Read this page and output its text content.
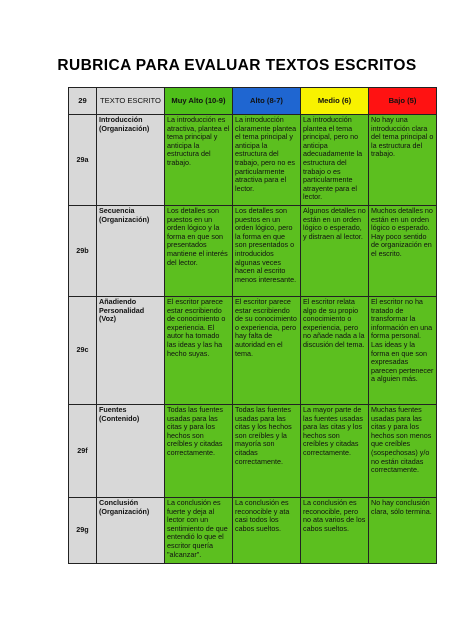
RUBRICA PARA EVALUAR TEXTOS ESCRITOS
29	TEXTO ESCRITO	Muy Alto (10-9)	Alto (8-7)	Medio (6)	Bajo (5)
29a	Introducción (Organización)	La introducción es atractiva, plantea el tema principal y anticipa la estructura del trabajo.	La introducción claramente plantea el tema principal y anticipa la estructura del trabajo, pero no es particularmente atractiva para el lector.	La introducción plantea el tema principal, pero no anticipa adecuadamente la estructura del trabajo o es particularmente atrayente para el lector.	No hay una introducción clara del tema principal o la estructura del trabajo.
29b	Secuencia (Organización)	Los detalles son puestos en un orden lógico y la forma en que son presentados mantiene el interés del lector.	Los detalles son puestos en un orden lógico, pero la forma en que son presentados o introducidos algunas veces hacen al escrito menos interesante.	Algunos detalles no están en un orden lógico o esperado, y distraen al lector.	Muchos detalles no están en un orden lógico o esperado. Hay poco sentido de organización en el escrito.
29c	Añadiendo Personalidad (Voz)	El escritor parece estar escribiendo de conocimiento o experiencia. El autor ha tomado las ideas y las ha hecho suyas.	El escritor parece estar escribiendo de su conocimiento o experiencia, pero hay falta de autoridad en el tema.	El escritor relata algo de su propio conocimiento o experiencia, pero no añade nada a la discusión del tema.	El escritor no ha tratado de transformar la información en una forma personal. Las ideas y la forma en que son expresadas parecen pertenecer a alguien más.
29f	Fuentes (Contenido)	Todas las fuentes usadas para las citas y para los hechos son creíbles y citadas correctamente.	Todas las fuentes usadas para las citas y los hechos son creíbles y la mayoría son citadas correctamente.	La mayor parte de las fuentes usadas para las citas y los hechos son creíbles y citadas correctamente.	Muchas fuentes usadas para las citas y para los hechos son menos que creíbles (sospechosas) y/o no están citadas correctamente.
29g	Conclusión (Organización)	La conclusión es fuerte y deja al lector con un sentimiento de que entendió lo que el escritor quería "alcanzar".	La conclusión es reconocible y ata casi todos los cabos sueltos.	La conclusión es reconocible, pero no ata varios de los cabos sueltos.	No hay conclusión clara, sólo termina.
